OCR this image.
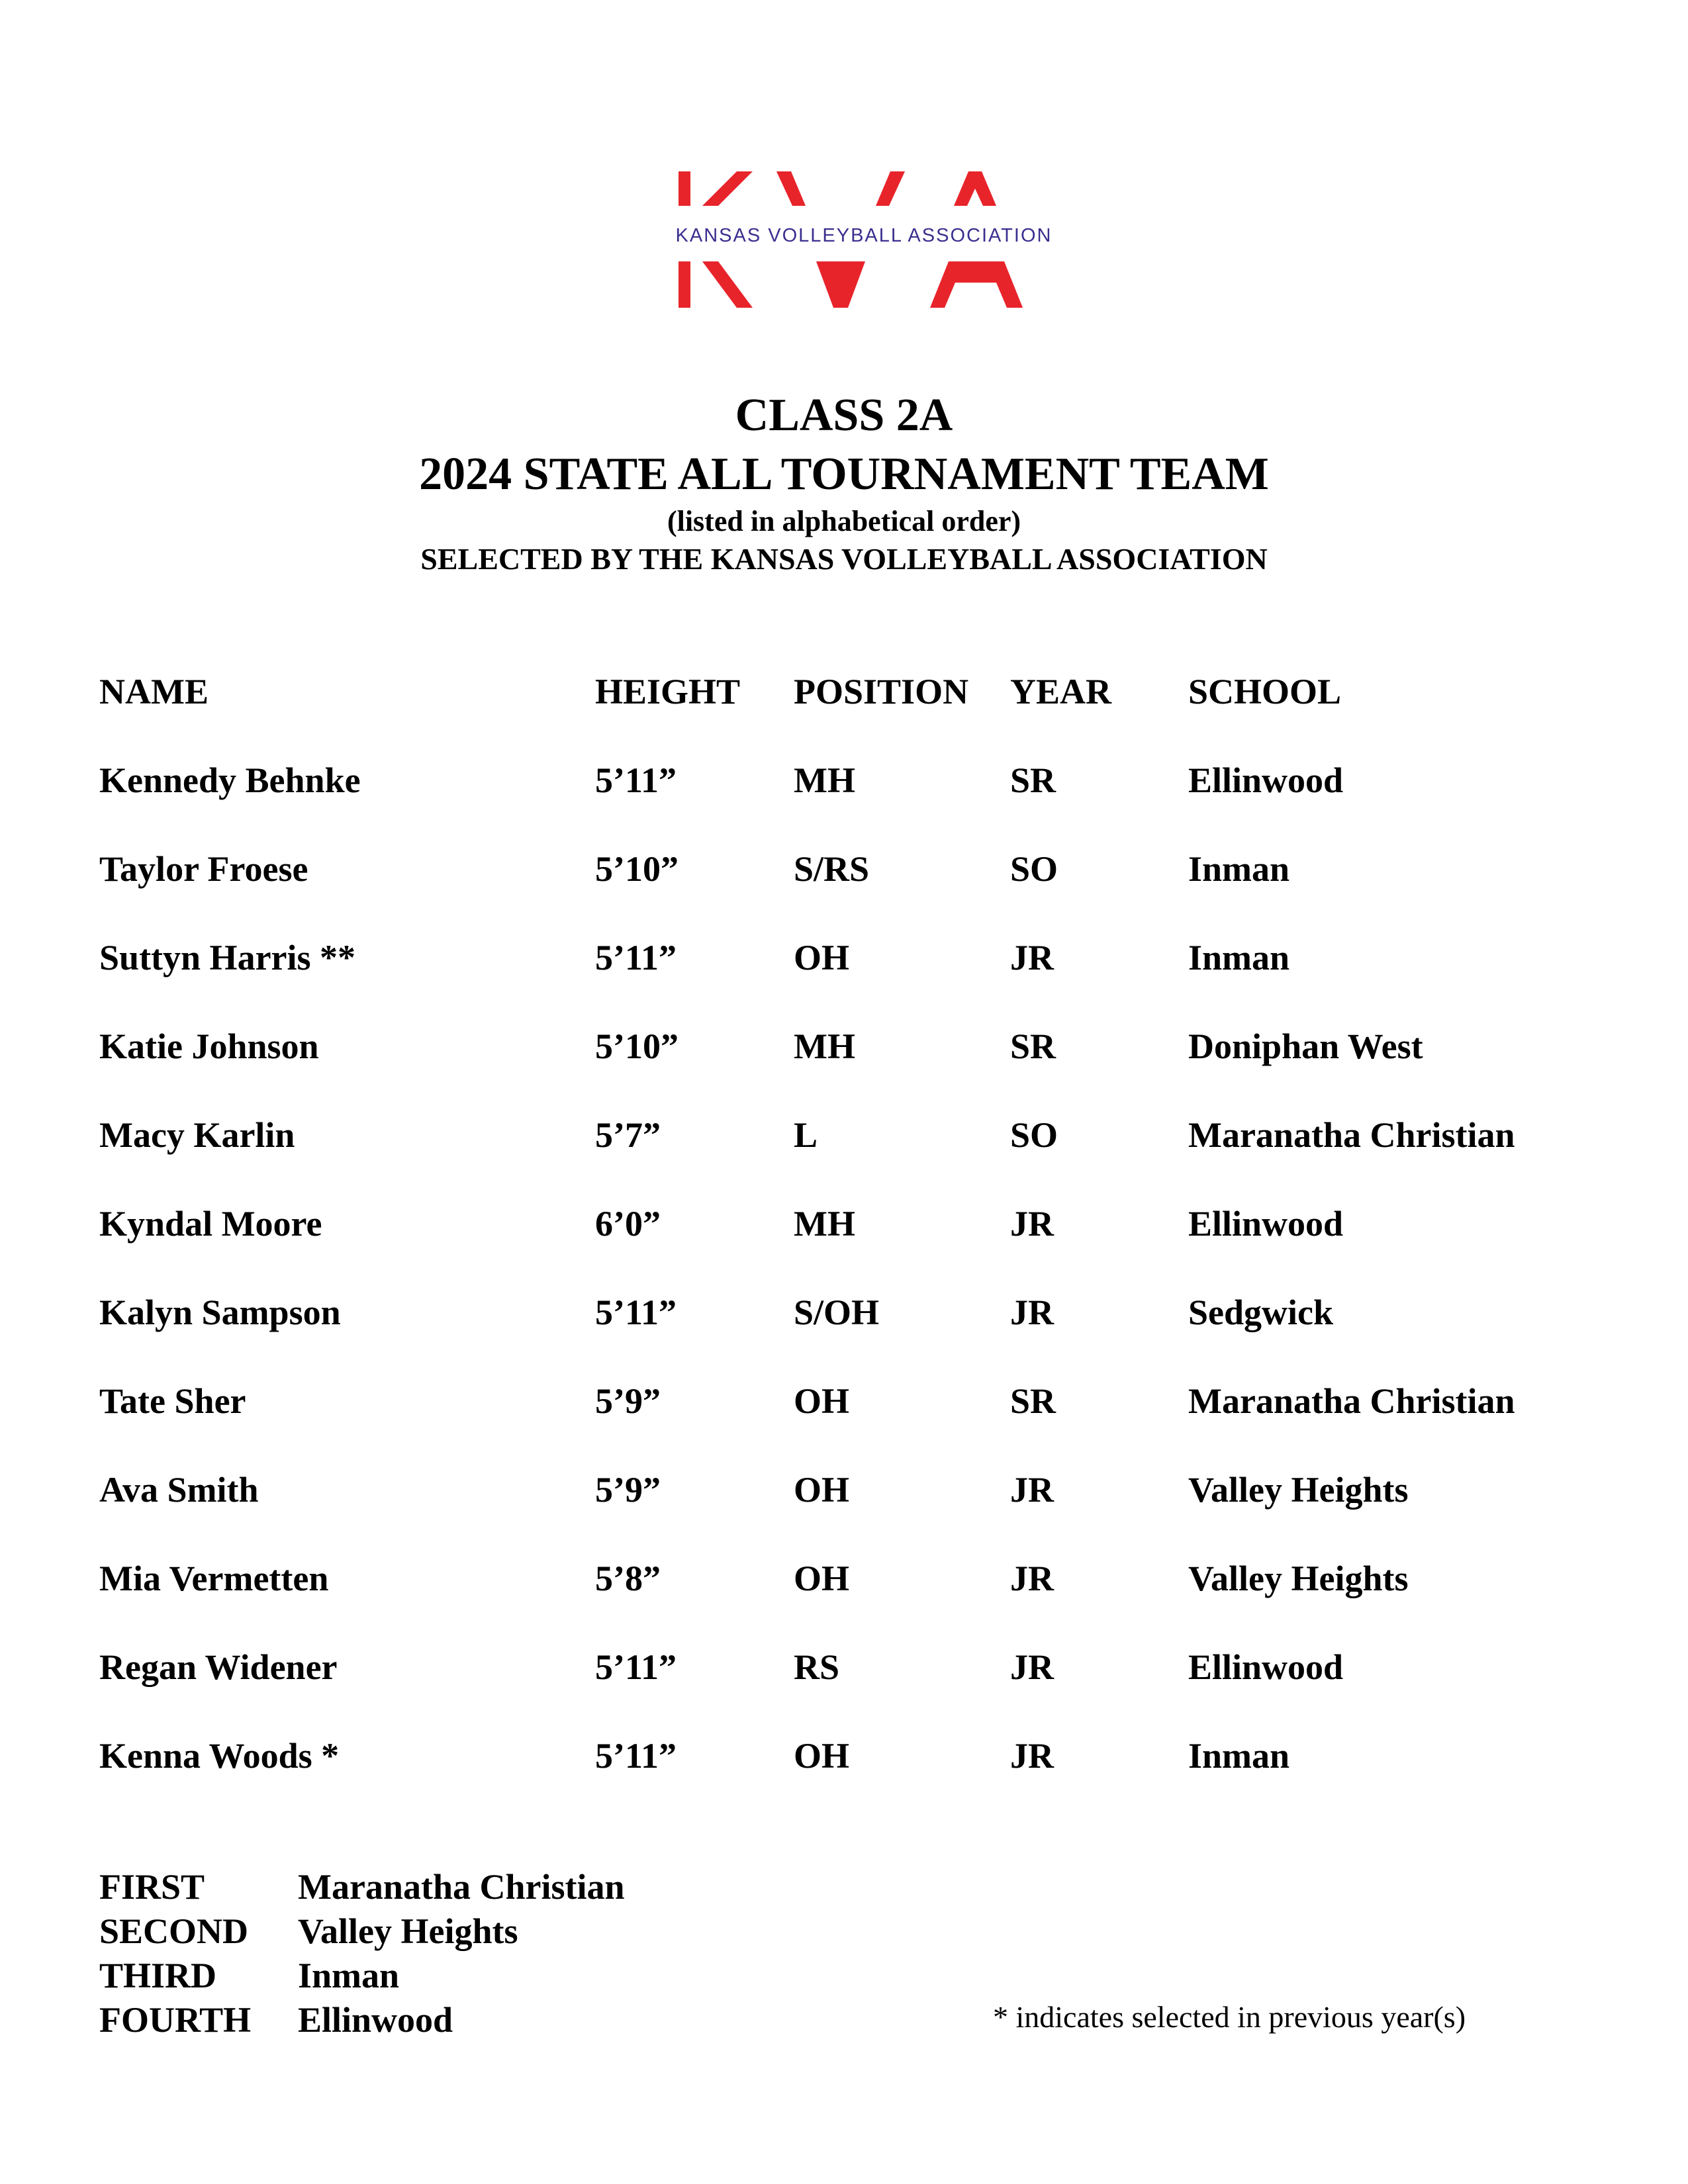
KANSAS VOLLEYBALL ASSOCIATION
CLASS 2A
2024 STATE ALL TOURNAMENT TEAM
(listed in alphabetical order)
SELECTED BY THE KANSAS VOLLEYBALL ASSOCIATION
NAME	HEIGHT POSITION YEAR SCHOOL
Kennedy Behnke	5’11”	MH	SR	Ellinwood
Taylor Froese	5’10”	S/RS	SO	Inman
Suttyn Harris **	5’11”	OH	JR	Inman
Katie Johnson	5’10”	MH	SR	Doniphan West
Macy Karlin	5’7”	L	SO	Maranatha Christian
Kyndal Moore	6’0”	MH	JR	Ellinwood
Kalyn Sampson	5’11”	S/OH	JR	Sedgwick
Tate Sher	5’9”	OH	SR	Maranatha Christian
Ava Smith	5’9”	OH	JR	Valley Heights
Mia Vermetten	5’8”	OH	JR	Valley Heights
Regan Widener	5’11”	RS	JR	Ellinwood
Kenna Woods *	5’11”	OH	JR	Inman
FIRST	Maranatha Christian
SECOND Valley Heights
THIRD Inman
FOURTH Ellinwood	* indicates selected in previous year(s)
